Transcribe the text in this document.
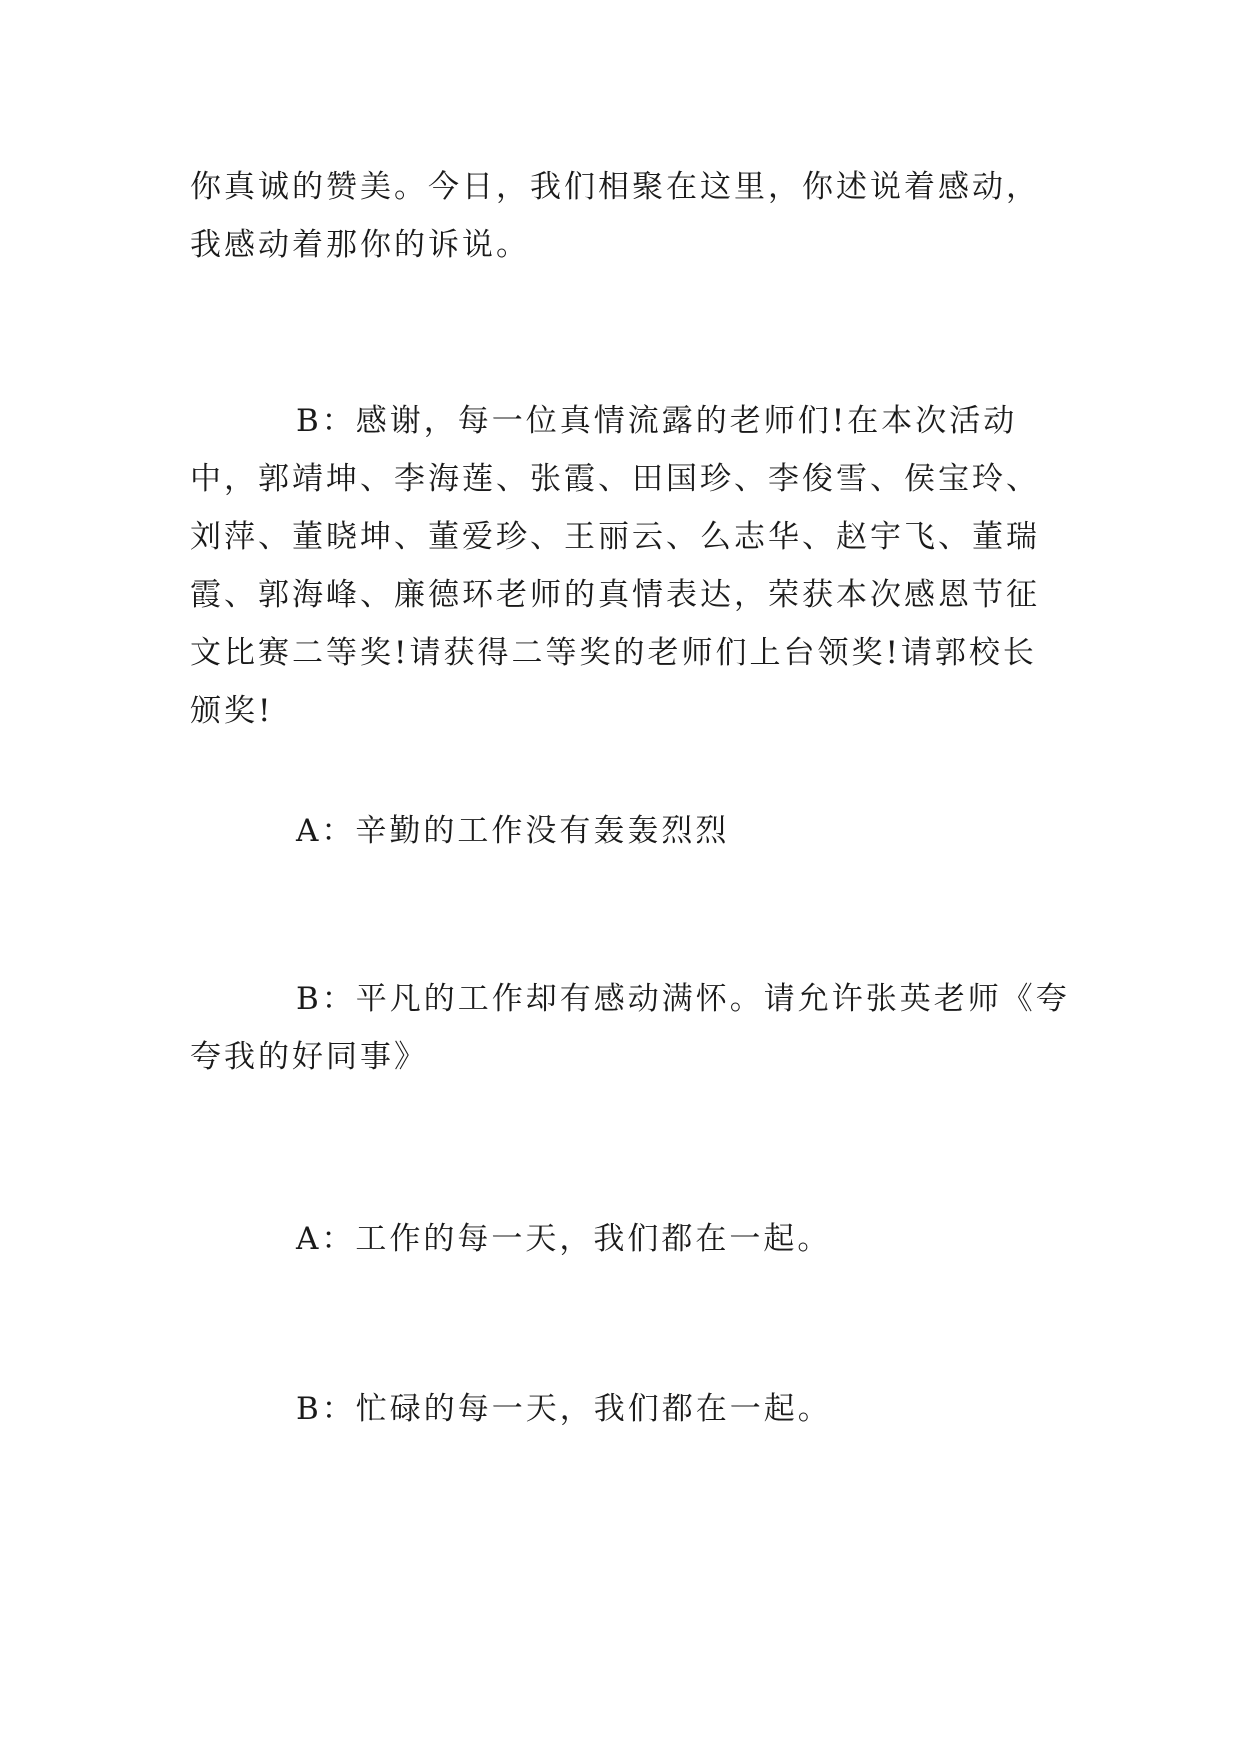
你真诚的赞美。今日，我们相聚在这里，你述说着感动，我感动着那你的诉说。

B：感谢，每一位真情流露的老师们!在本次活动中，郭靖坤、李海莲、张霞、田国珍、李俊雪、侯宝玲、刘萍、董晓坤、董爱珍、王丽云、么志华、赵宇飞、董瑞霞、郭海峰、廉德环老师的真情表达，荣获本次感恩节征文比赛二等奖!请获得二等奖的老师们上台领奖!请郭校长颁奖!

A：辛勤的工作没有轰轰烈烈

B：平凡的工作却有感动满怀。请允许张英老师《夸夸我的好同事》

A：工作的每一天，我们都在一起。

B：忙碌的每一天，我们都在一起。
